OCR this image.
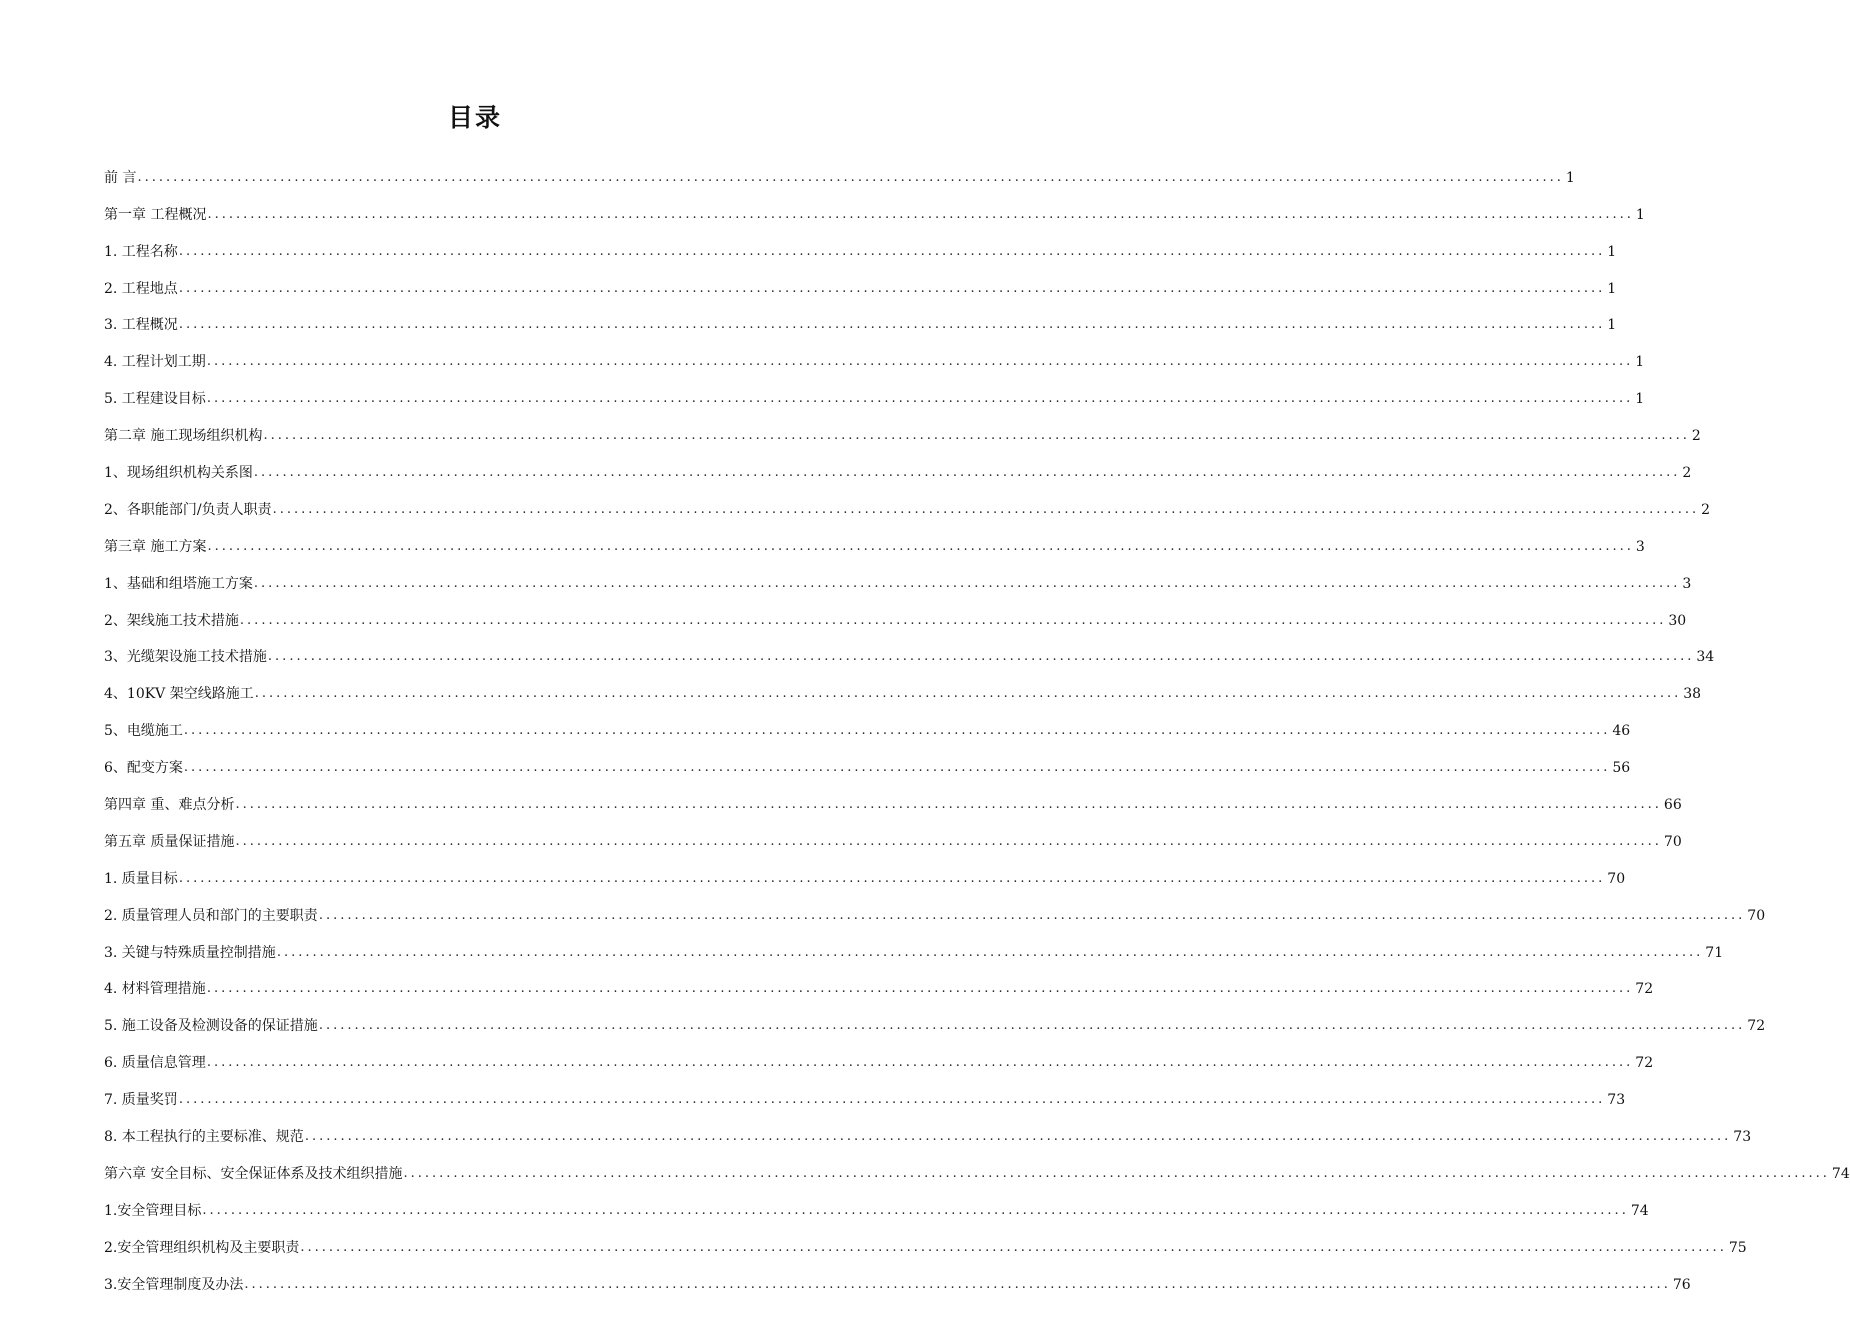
目录
前 言 ........................................................................................................................................................................................................ 1
第一章 工程概况 ........................................................................................................................................................................................................ 1
1. 工程名称 ........................................................................................................................................................................................................ 1
2. 工程地点 ........................................................................................................................................................................................................ 1
3. 工程概况 ........................................................................................................................................................................................................ 1
4. 工程计划工期 ........................................................................................................................................................................................................ 1
5. 工程建设目标 ........................................................................................................................................................................................................ 1
第二章 施工现场组织机构 ........................................................................................................................................................................................................ 2
1、现场组织机构关系图 ........................................................................................................................................................................................................ 2
2、各职能部门/负责人职责 ........................................................................................................................................................................................................ 2
第三章 施工方案 ........................................................................................................................................................................................................ 3
1、基础和组塔施工方案 ........................................................................................................................................................................................................ 3
2、架线施工技术措施 ........................................................................................................................................................................................................ 30
3、光缆架设施工技术措施 ........................................................................................................................................................................................................ 34
4、10KV 架空线路施工 ........................................................................................................................................................................................................ 38
5、电缆施工 ........................................................................................................................................................................................................ 46
6、配变方案 ........................................................................................................................................................................................................ 56
第四章 重、难点分析 ........................................................................................................................................................................................................ 66
第五章 质量保证措施 ........................................................................................................................................................................................................ 70
1. 质量目标 ........................................................................................................................................................................................................ 70
2. 质量管理人员和部门的主要职责 ........................................................................................................................................................................................................ 70
3. 关键与特殊质量控制措施 ........................................................................................................................................................................................................ 71
4. 材料管理措施 ........................................................................................................................................................................................................ 72
5. 施工设备及检测设备的保证措施 ........................................................................................................................................................................................................ 72
6. 质量信息管理 ........................................................................................................................................................................................................ 72
7. 质量奖罚 ........................................................................................................................................................................................................ 73
8. 本工程执行的主要标准、规范 ........................................................................................................................................................................................................ 73
第六章 安全目标、安全保证体系及技术组织措施 ........................................................................................................................................................................................................ 74
1.安全管理目标 ........................................................................................................................................................................................................ 74
2.安全管理组织机构及主要职责 ........................................................................................................................................................................................................ 75
3.安全管理制度及办法 ........................................................................................................................................................................................................ 76
